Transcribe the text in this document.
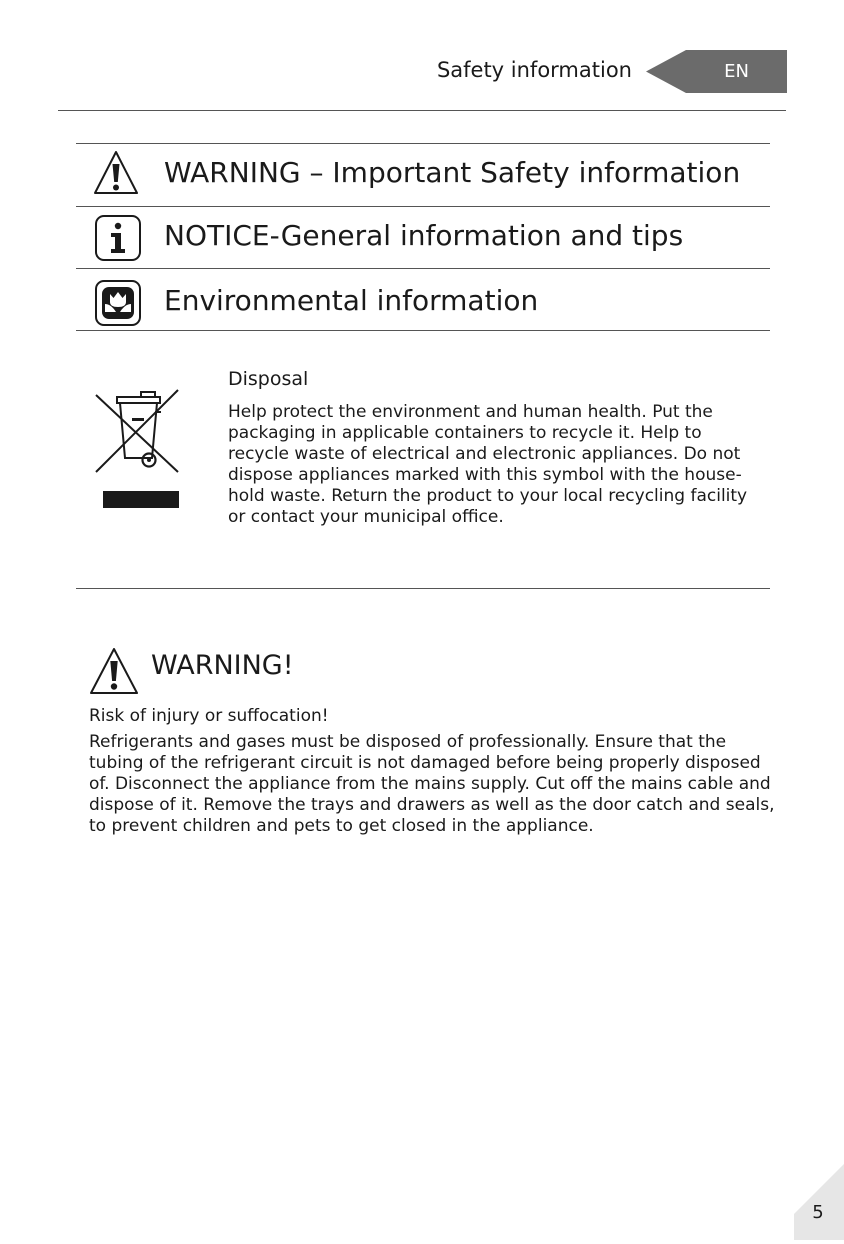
Safety information	EN
WARNING – Important Safety information
NOTICE-General information and tips
Environmental information
Disposal
Help protect the environment and human health. Put the packaging in applicable containers to recycle it. Help to recycle waste of electrical and electronic appliances. Do not dispose appliances marked with this symbol with the house-hold waste. Return the product to your local recycling facility or contact your municipal office.
WARNING!
Risk of injury or suffocation!
Refrigerants and gases must be disposed of professionally. Ensure that the tubing of the refrigerant circuit is not damaged before being properly disposed of. Disconnect the appliance from the mains supply. Cut off the mains cable and dispose of it. Remove the trays and drawers as well as the door catch and seals, to prevent children and pets to get closed in the appliance.
5
